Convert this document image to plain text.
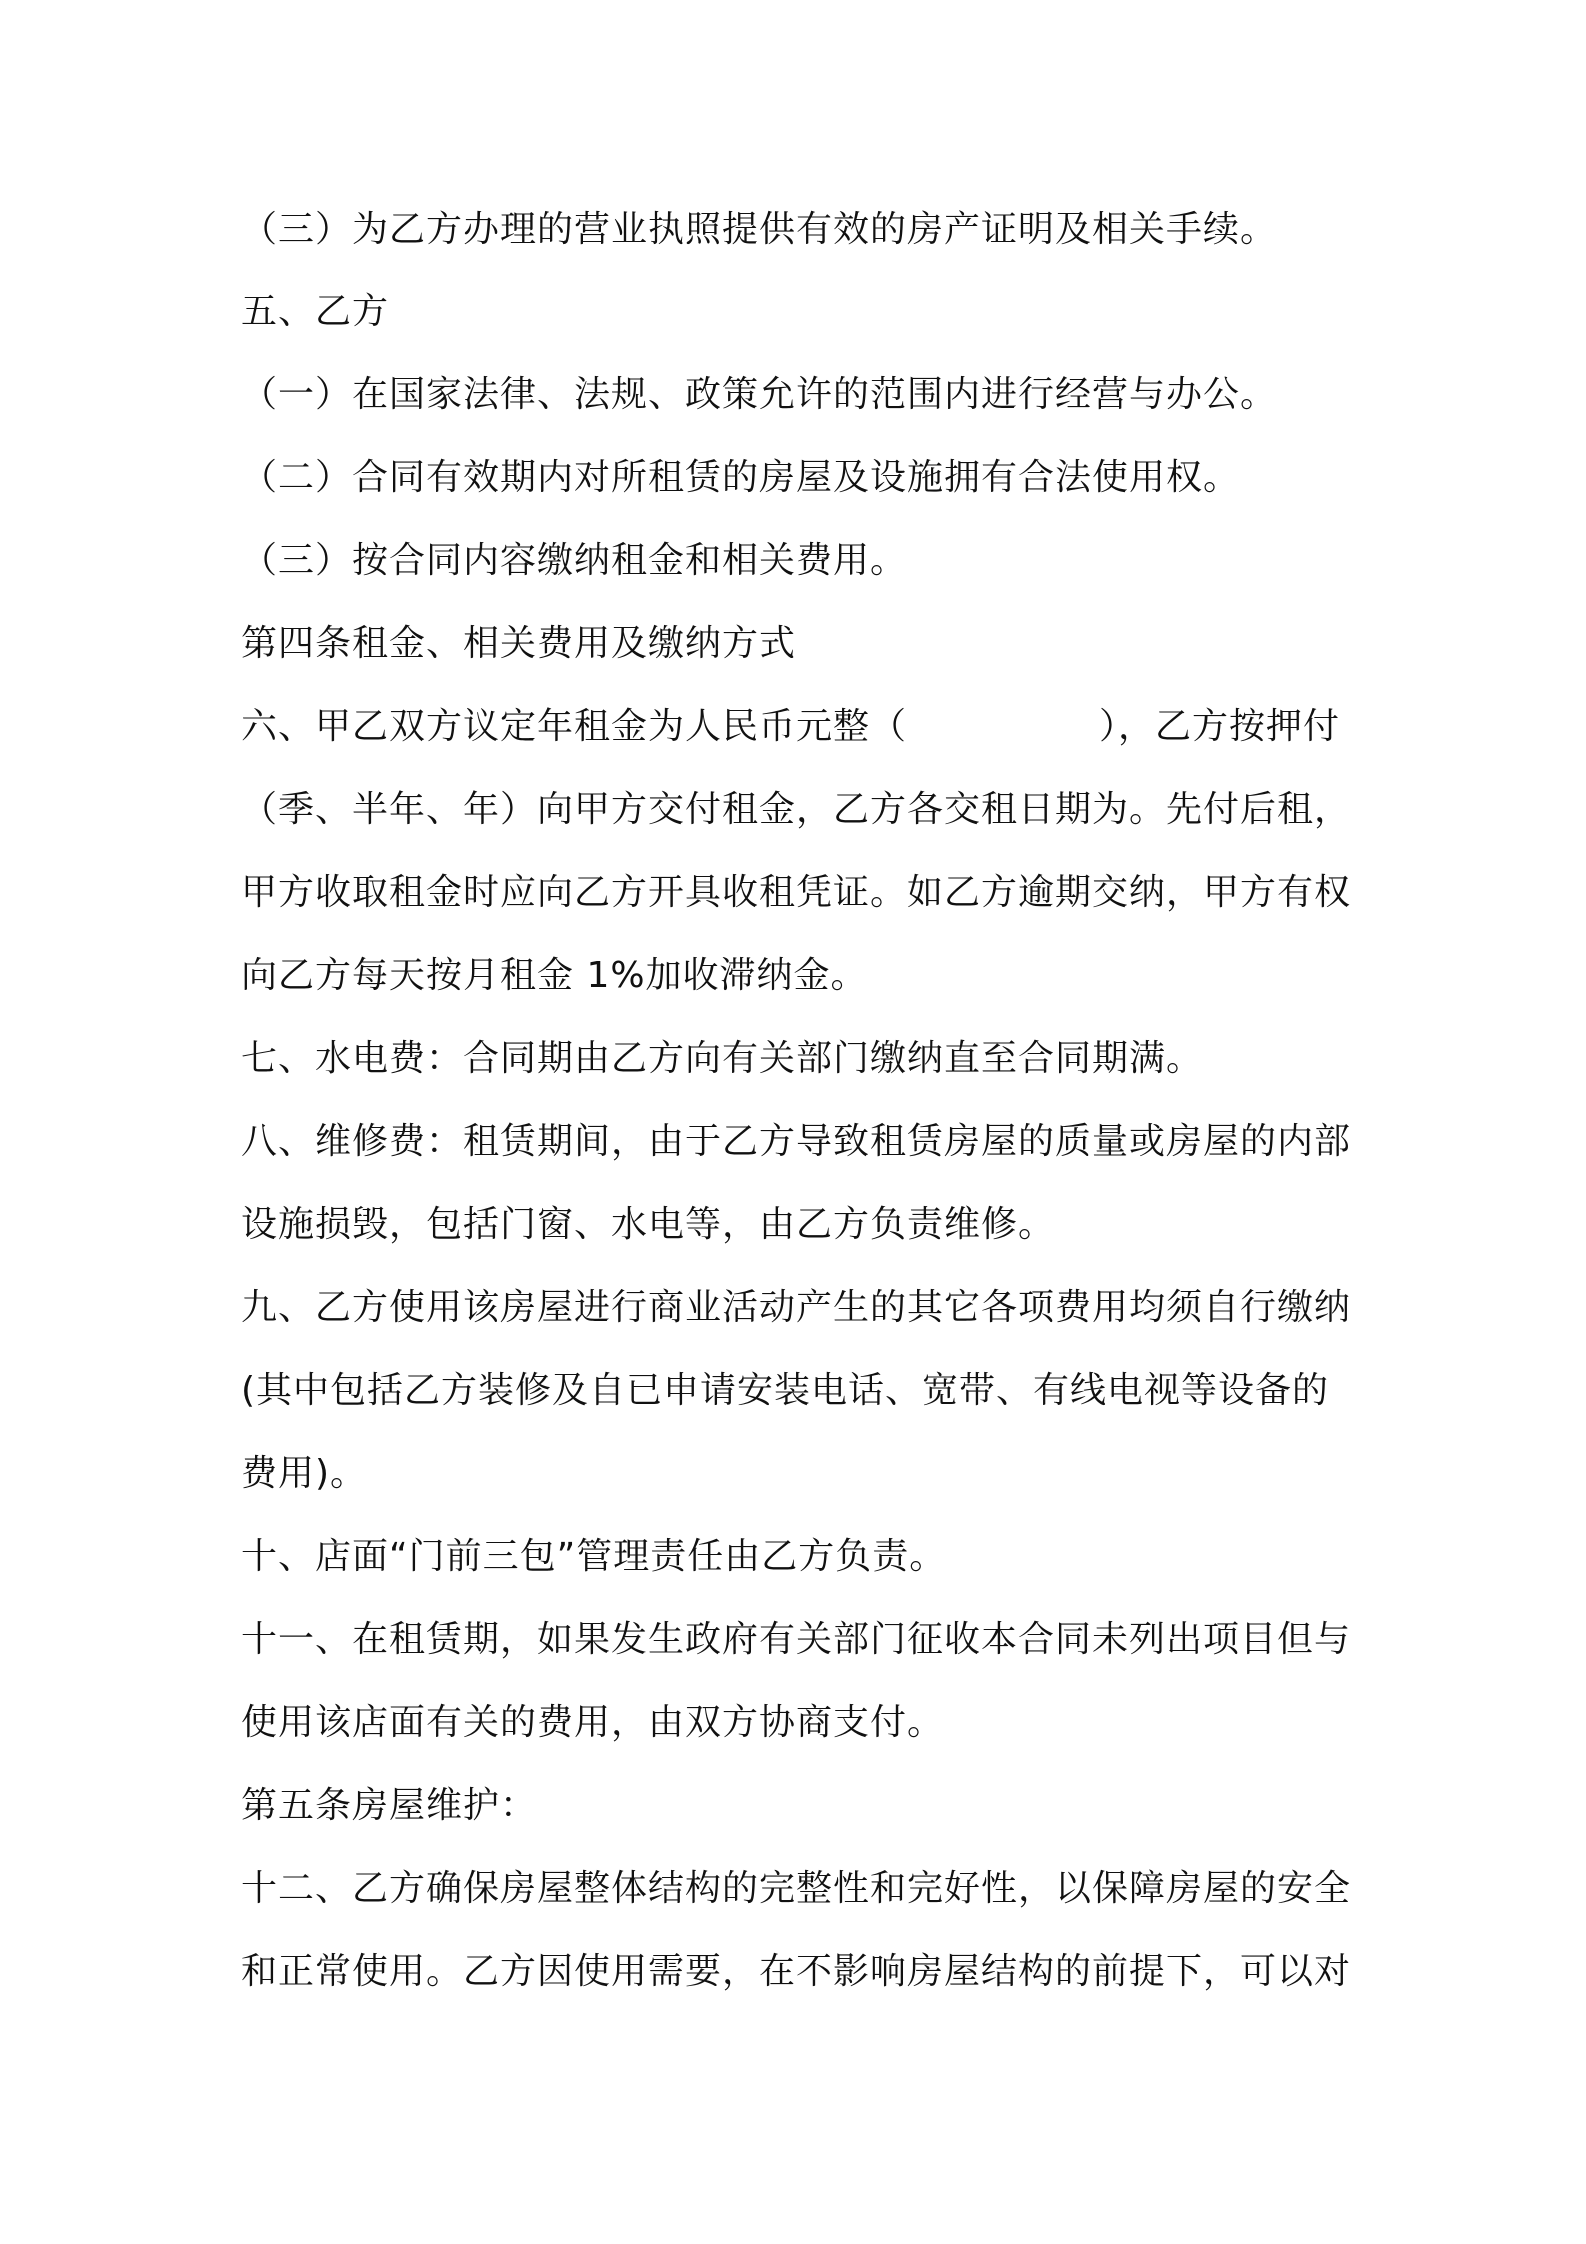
（三）为乙方办理的营业执照提供有效的房产证明及相关手续。
五、乙方
（一）在国家法律、法规、政策允许的范围内进行经营与办公。
（二）合同有效期内对所租赁的房屋及设施拥有合法使用权。
（三）按合同内容缴纳租金和相关费用。
第四条租金、相关费用及缴纳方式
六、甲乙双方议定年租金为人民币元整（	），乙方按押付
（季、半年、年）向甲方交付租金，乙方各交租日期为。先付后租，
甲方收取租金时应向乙方开具收租凭证。如乙方逾期交纳，甲方有权
向乙方每天按月租金 1%加收滞纳金。
七、水电费：合同期由乙方向有关部门缴纳直至合同期满。
八、维修费：租赁期间，由于乙方导致租赁房屋的质量或房屋的内部
设施损毁，包括门窗、水电等，由乙方负责维修。
九、乙方使用该房屋进行商业活动产生的其它各项费用均须自行缴纳
(其中包括乙方装修及自已申请安装电话、宽带、有线电视等设备的
费用)。
十、店面“门前三包”管理责任由乙方负责。
十一、在租赁期，如果发生政府有关部门征收本合同未列出项目但与
使用该店面有关的费用，由双方协商支付。
第五条房屋维护：
十二、乙方确保房屋整体结构的完整性和完好性，以保障房屋的安全
和正常使用。乙方因使用需要，在不影响房屋结构的前提下，可以对
